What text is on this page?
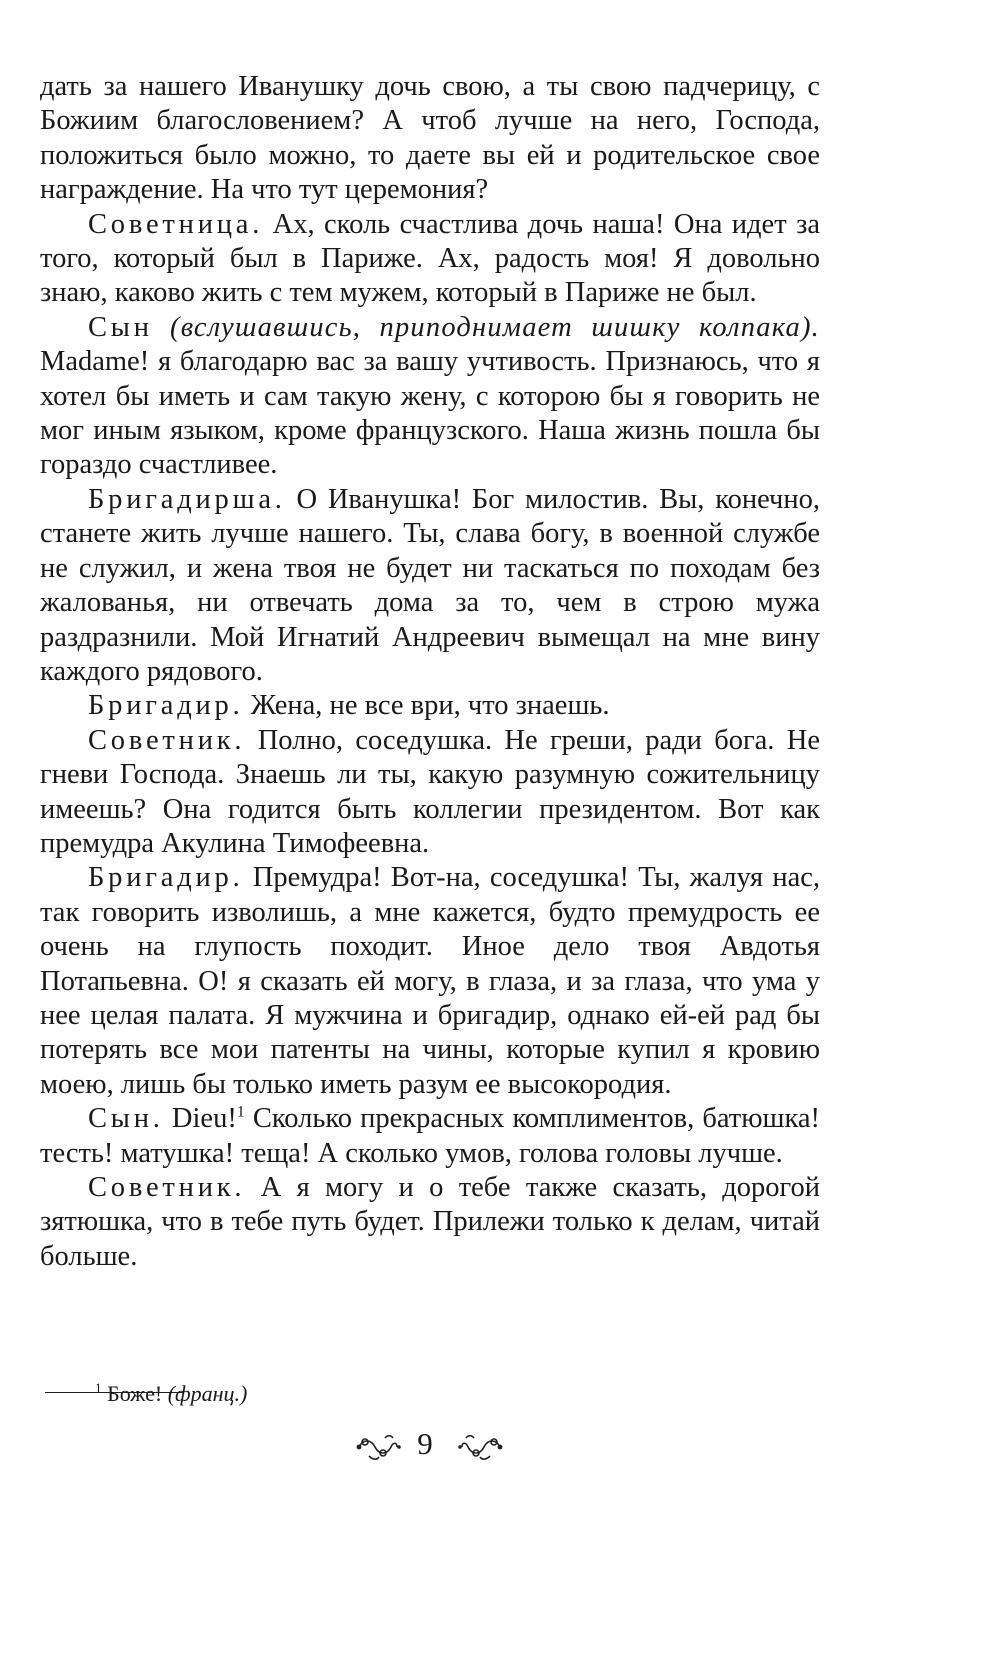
дать за нашего Иванушку дочь свою, а ты свою падчерицу, с Божиим благословением? А чтоб лучше на него, Господа, положиться было можно, то даете вы ей и родительское свое награждение. На что тут церемония?

Советница. Ах, сколь счастлива дочь наша! Она идет за того, который был в Париже. Ах, радость моя! Я довольно знаю, каково жить с тем мужем, который в Париже не был.

Сын (вслушавшись, приподнимает шишку колпака). Madame! я благодарю вас за вашу учтивость. Признаюсь, что я хотел бы иметь и сам такую жену, с которою бы я говорить не мог иным языком, кроме французского. Наша жизнь пошла бы гораздо счастливее.

Бригадирша. О Иванушка! Бог милостив. Вы, конечно, станете жить лучше нашего. Ты, слава богу, в военной службе не служил, и жена твоя не будет ни таскаться по походам без жалованья, ни отвечать дома за то, чем в строю мужа раздразнили. Мой Игнатий Андреевич вымещал на мне вину каждого рядового.

Бригадир. Жена, не все ври, что знаешь.

Советник. Полно, соседушка. Не греши, ради бога. Не гневи Господа. Знаешь ли ты, какую разумную сожительницу имеешь? Она годится быть коллегии президентом. Вот как премудра Акулина Тимофеевна.

Бригадир. Премудра! Вот-на, соседушка! Ты, жалуя нас, так говорить изволишь, а мне кажется, будто премудрость ее очень на глупость походит. Иное дело твоя Авдотья Потапьевна. О! я сказать ей могу, в глаза, и за глаза, что ума у нее целая палата. Я мужчина и бригадир, однако ей-ей рад бы потерять все мои патенты на чины, которые купил я кровию моею, лишь бы только иметь разум ее высокородия.

Сын. Dieu!$^1$ Сколько прекрасных комплиментов, батюшка! тесть! матушка! теща! А сколько умов, голова головы лучше.

Советник. А я могу и о тебе также сказать, дорогой зятюшка, что в тебе путь будет. Прилежи только к делам, читай больше.

$^1$ Боже! (франц.)
9
